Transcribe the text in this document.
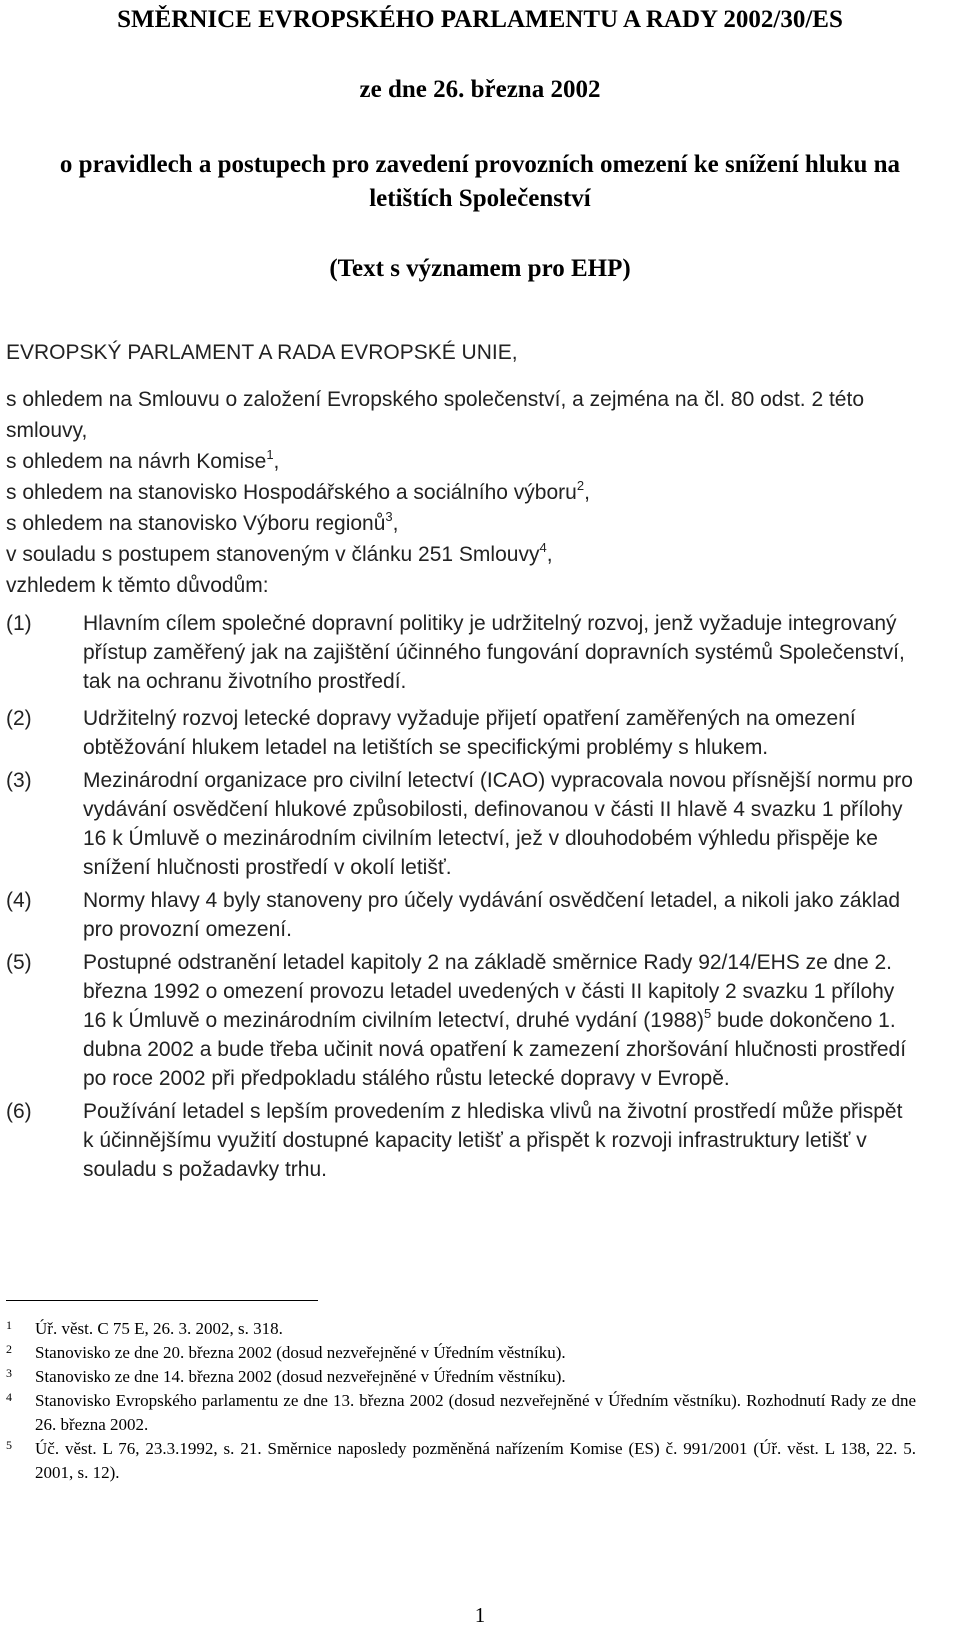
SMĚRNICE EVROPSKÉHO PARLAMENTU A RADY 2002/30/ES
ze dne 26. března 2002
o pravidlech a postupech pro zavedení provozních omezení ke snížení hluku na
letištích Společenství
(Text s významem pro EHP)
EVROPSKÝ PARLAMENT A RADA EVROPSKÉ UNIE,
s ohledem na Smlouvu o založení Evropského společenství, a zejména na čl. 80 odst. 2 této smlouvy,
s ohledem na návrh Komise$^1$,
s ohledem na stanovisko Hospodářského a sociálního výboru$^2$,
s ohledem na stanovisko Výboru regionů$^3$,
v souladu s postupem stanoveným v článku 251 Smlouvy$^4$,
vzhledem k těmto důvodům:
(1)	Hlavním cílem společné dopravní politiky je udržitelný rozvoj, jenž vyžaduje integrovaný přístup zaměřený jak na zajištění účinného fungování dopravních systémů Společenství, tak na ochranu životního prostředí.
(2)	Udržitelný rozvoj letecké dopravy vyžaduje přijetí opatření zaměřených na omezení obtěžování hlukem letadel na letištích se specifickými problémy s hlukem.
(3)	Mezinárodní organizace pro civilní letectví (ICAO) vypracovala novou přísnější normu pro vydávání osvědčení hlukové způsobilosti, definovanou v části II hlavě 4 svazku 1 přílohy 16 k Úmluvě o mezinárodním civilním letectví, jež v dlouhodobém výhledu přispěje ke snížení hlučnosti prostředí v okolí letišť.
(4)	Normy hlavy 4 byly stanoveny pro účely vydávání osvědčení letadel, a nikoli jako základ pro provozní omezení.
(5)	Postupné odstranění letadel kapitoly 2 na základě směrnice Rady 92/14/EHS ze dne 2. března 1992 o omezení provozu letadel uvedených v části II kapitoly 2 svazku 1 přílohy 16 k Úmluvě o mezinárodním civilním letectví, druhé vydání $(1988)^5$ bude dokončeno 1. dubna 2002 a bude třeba učinit nová opatření k zamezení zhoršování hlučnosti prostředí po roce 2002 při předpokladu stálého růstu letecké dopravy v Evropě.
(6)	Používání letadel s lepším provedením z hlediska vlivů na životní prostředí může přispět k účinnějšímu využití dostupné kapacity letišť a přispět k rozvoji infrastruktury letišť v souladu s požadavky trhu.
1	Úř. věst. C 75 E, 26. 3. 2002, s. 318.
2	Stanovisko ze dne 20. března 2002 (dosud nezveřejněné v Úředním věstníku).
3	Stanovisko ze dne 14. března 2002 (dosud nezveřejněné v Úředním věstníku).
4	Stanovisko Evropského parlamentu ze dne 13. března 2002 (dosud nezveřejněné v Úředním věstníku). Rozhodnutí Rady ze dne 26. března 2002.
5	Úč. věst. L 76, 23.3.1992, s. 21. Směrnice naposledy pozměněná nařízením Komise (ES) č. 991/2001 (Úř. věst. L 138, 22. 5. 2001, s. 12).
1
